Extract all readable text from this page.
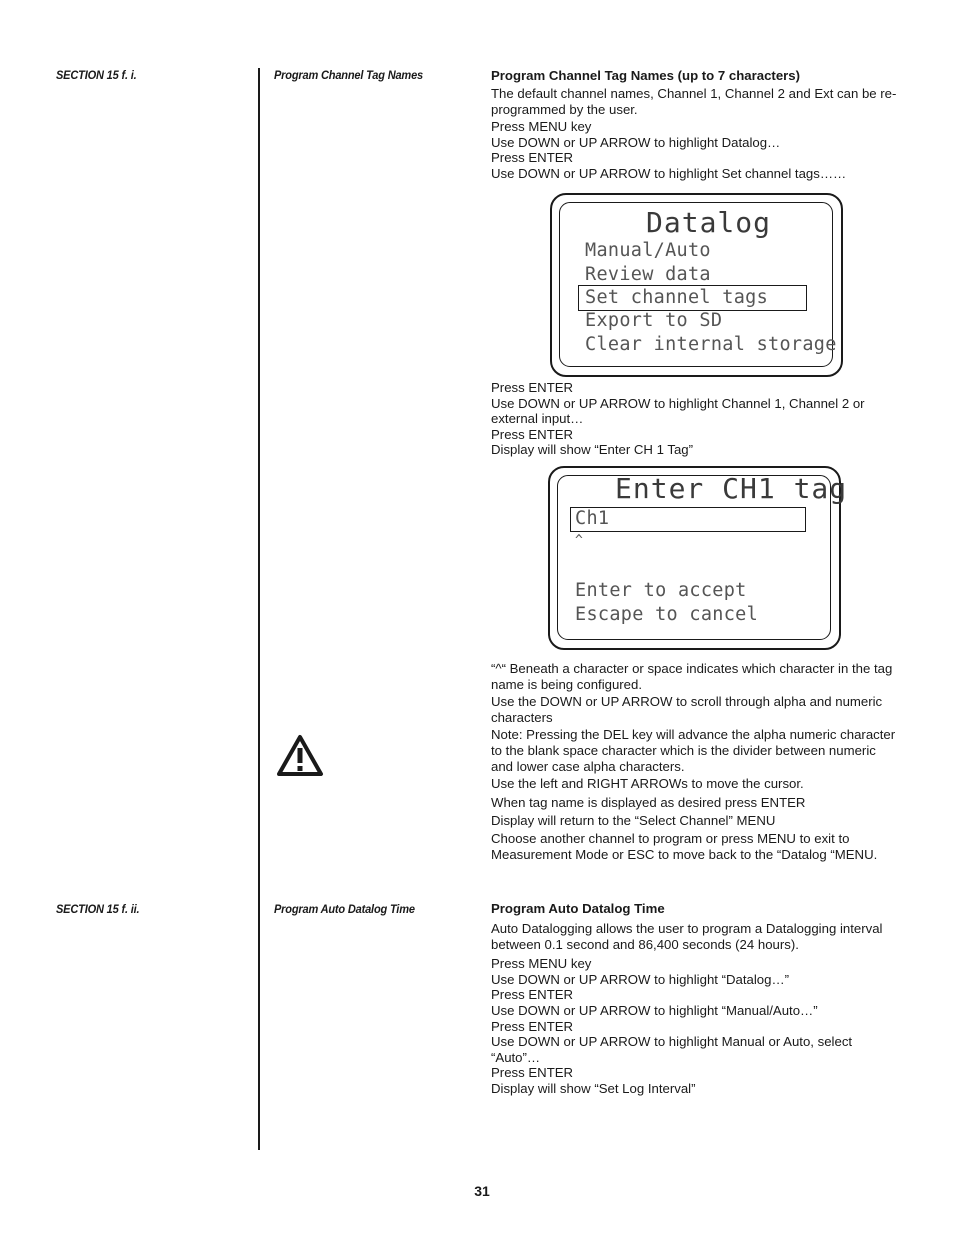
SECTION 15 f. i.	Program Channel Tag Names	Program Channel Tag Names (up to 7 characters)
The default channel names, Channel 1, Channel 2 and Ext can be re-programmed by the user.
Press MENU key
Use DOWN or UP ARROW to highlight Datalog…
Press ENTER
Use DOWN or UP ARROW to highlight Set channel tags……
Datalog
Manual/Auto
Review data
Set channel tags
Export to SD
Clear internal storage
Press ENTER
Use DOWN or UP ARROW to highlight Channel 1, Channel 2 or external input…
Press ENTER
Display will show “Enter CH 1 Tag”
Enter CH1 tag
Ch1
^
Enter to accept
Escape to cancel
“^“ Beneath a character or space indicates which character in the tag name is being configured.
Use the DOWN or UP ARROW to scroll through alpha and numeric characters
Note: Pressing the DEL key will advance the alpha numeric character to the blank space character which is the divider between numeric and lower case alpha characters.
Use the left and RIGHT ARROWs to move the cursor.
When tag name is displayed as desired press ENTER
Display will return to the “Select Channel” MENU
Choose another channel to program or press MENU to exit to Measurement Mode or ESC to move back to the “Datalog “MENU.
SECTION 15 f. ii.	Program Auto Datalog Time	Program Auto Datalog Time
Auto Datalogging allows the user to program a Datalogging interval between 0.1 second and 86,400 seconds (24 hours).
Press MENU key
Use DOWN or UP ARROW to highlight “Datalog…”
Press ENTER
Use DOWN or UP ARROW to highlight “Manual/Auto…”
Press ENTER
Use DOWN or UP ARROW to highlight Manual or Auto, select “Auto”…
Press ENTER
Display will show “Set Log Interval”
31
